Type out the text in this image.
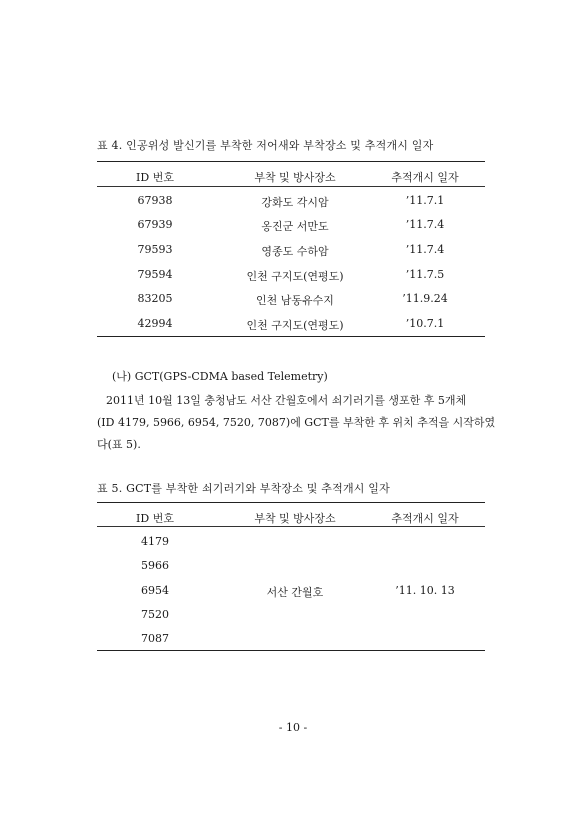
표 4. 인공위성 발신기를 부착한 저어새와 부착장소 및 추적개시 일자
ID 번호	부착 및 방사장소	추적개시 일자
67938	강화도 각시암	’11.7.1
67939	옹진군 서만도	’11.7.4
79593	영종도 수하암	’11.7.4
79594	인천 구지도(연평도)	’11.7.5
83205	인천 남동유수지	’11.9.24
42994	인천 구지도(연평도)	’10.7.1
(나) GCT(GPS-CDMA based Telemetry)
2011년 10월 13일 충청남도 서산 간월호에서 쇠기러기를 생포한 후 5개체
(ID 4179, 5966, 6954, 7520, 7087)에 GCT를 부착한 후 위치 추적을 시작하였
다(표 5).
표 5. GCT를 부착한 쇠기러기와 부착장소 및 추적개시 일자
ID 번호	부착 및 방사장소	추적개시 일자
4179
5966
6954
7520
7087
서산 간월호	’11. 10. 13
- 10 -
